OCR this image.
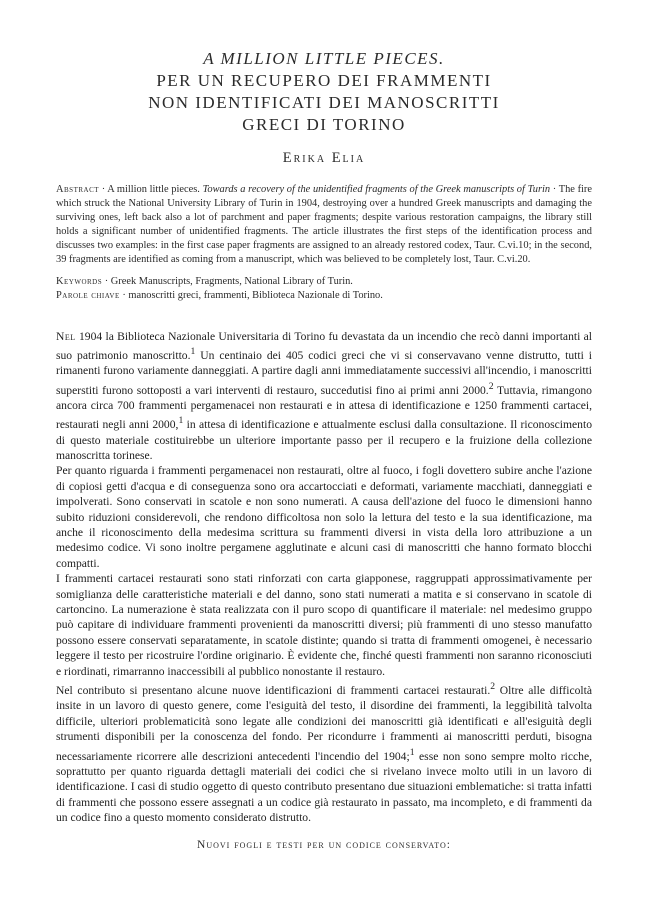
A MILLION LITTLE PIECES.

PER UN RECUPERO DEI FRAMMENTI

NON IDENTIFICATI DEI MANOSCRITTI

GRECI DI TORINO

Erika Elia

Abstract · A million little pieces. Towards a recovery of the unidentified fragments of the Greek manuscripts of Turin · The fire which struck the National University Library of Turin in 1904, destroying over a hundred Greek manuscripts and damaging the surviving ones, left back also a lot of parchment and paper fragments; despite various restoration campaigns, the library still holds a significant number of unidentified fragments. The article illustrates the first steps of the identification process and discusses two examples: in the first case paper fragments are assigned to an already restored codex, Taur. C.vi.10; in the second, 39 fragments are identified as coming from a manuscript, which was believed to be completely lost, Taur. C.vi.20.

Keywords · Greek Manuscripts, Fragments, National Library of Turin.

Parole chiave · manoscritti greci, frammenti, Biblioteca Nazionale di Torino.

Nel 1904 la Biblioteca Nazionale Universitaria di Torino fu devastata da un incendio che recò danni importanti al suo patrimonio manoscritto.$^1$ Un centinaio dei 405 codici greci che vi si conservavano venne distrutto, tutti i rimanenti furono variamente danneggiati. A partire dagli anni immediatamente successivi all'incendio, i manoscritti superstiti furono sottoposti a vari interventi di restauro, succedutisi fino ai primi anni 2000.$^2$ Tuttavia, rimangono ancora circa 700 frammenti pergamenacei non restaurati e in attesa di identificazione e 1250 frammenti cartacei, restaurati negli anni 2000,$^1$ in attesa di identificazione e attualmente esclusi dalla consultazione. Il riconoscimento di questo materiale costituirebbe un ulteriore importante passo per il recupero e la fruizione della collezione manoscritta torinese.

Per quanto riguarda i frammenti pergamenacei non restaurati, oltre al fuoco, i fogli dovettero subire anche l'azione di copiosi getti d'acqua e di conseguenza sono ora accartocciati e deformati, variamente macchiati, danneggiati e impolverati. Sono conservati in scatole e non sono numerati. A causa dell'azione del fuoco le dimensioni hanno subito riduzioni considerevoli, che rendono difficoltosa non solo la lettura del testo e la sua identificazione, ma anche il riconoscimento della medesima scrittura su frammenti diversi in vista della loro attribuzione a un medesimo codice. Vi sono inoltre pergamene agglutinate e alcuni casi di manoscritti che hanno formato blocchi compatti.

I frammenti cartacei restaurati sono stati rinforzati con carta giapponese, raggruppati approssimativamente per somiglianza delle caratteristiche materiali e del danno, sono stati numerati a matita e si conservano in scatole di cartoncino. La numerazione è stata realizzata con il puro scopo di quantificare il materiale: nel medesimo gruppo può capitare di individuare frammenti provenienti da manoscritti diversi; più frammenti di uno stesso manufatto possono essere conservati separatamente, in scatole distinte; quando si tratta di frammenti omogenei, è necessario leggere il testo per ricostruire l'ordine originario. È evidente che, finché questi frammenti non saranno riconosciuti e riordinati, rimarranno inaccessibili al pubblico nonostante il restauro.

Nel contributo si presentano alcune nuove identificazioni di frammenti cartacei restaurati.$^2$ Oltre alle difficoltà insite in un lavoro di questo genere, come l'esiguità del testo, il disordine dei frammenti, la leggibilità talvolta difficile, ulteriori problematicità sono legate alle condizioni dei manoscritti già identificati e all'esiguità degli strumenti disponibili per la conoscenza del fondo. Per ricondurre i frammenti ai manoscritti perduti, bisogna necessariamente ricorrere alle descrizioni antecedenti l'incendio del 1904;$^1$ esse non sono sempre molto ricche, soprattutto per quanto riguarda dettagli materiali dei codici che si rivelano invece molto utili in un lavoro di identificazione. I casi di studio oggetto di questo contributo presentano due situazioni emblematiche: si tratta infatti di frammenti che possono essere assegnati a un codice già restaurato in passato, ma incompleto, e di frammenti da un codice fino a questo momento considerato distrutto.

Nuovi fogli e testi per un codice conservato:
